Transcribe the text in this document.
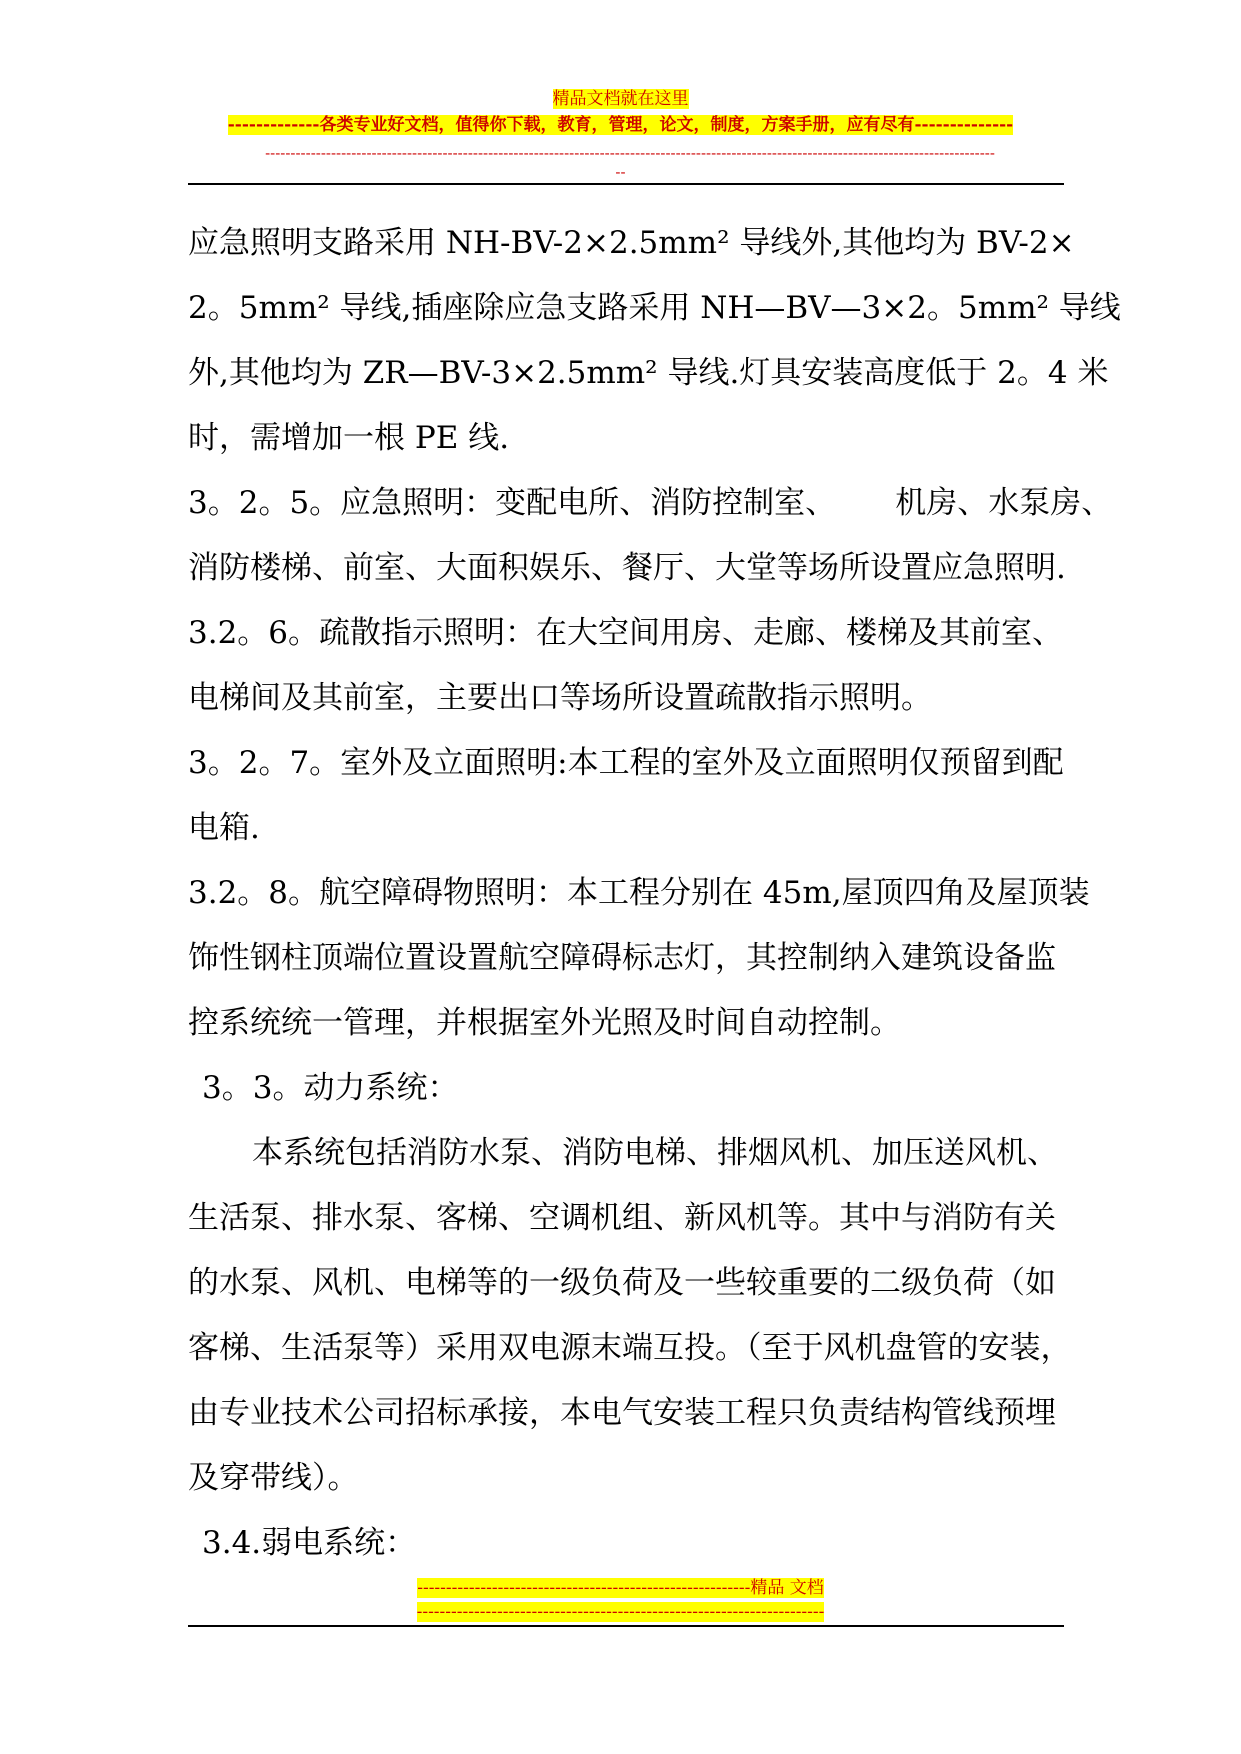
精品文档就在这里
-------------各类专业好文档，值得你下载，教育，管理，论文，制度，方案手册，应有尽有--------------
------------------------------------------------------------------------------------------------------------------------------------------------
--
应急照明支路采用 NH-BV-2×2.5mm² 导线外,其他均为 BV-2×
2。5mm² 导线,插座除应急支路采用 NH—BV—3×2。5mm² 导线
外,其他均为 ZR—BV-3×2.5mm² 导线.灯具安装高度低于 2。4 米
时，需增加一根 PE 线.
3。2。5。应急照明：变配电所、消防控制室、      机房、水泵房、
消防楼梯、前室、大面积娱乐、餐厅、大堂等场所设置应急照明.
3.2。6。疏散指示照明：在大空间用房、走廊、楼梯及其前室、
电梯间及其前室，主要出口等场所设置疏散指示照明。
3。2。7。室外及立面照明:本工程的室外及立面照明仅预留到配
电箱.
3.2。8。航空障碍物照明：本工程分别在 45m,屋顶四角及屋顶装
饰性钢柱顶端位置设置航空障碍标志灯，其控制纳入建筑设备监
控系统统一管理，并根据室外光照及时间自动控制。
3。3。动力系统：
本系统包括消防水泵、消防电梯、排烟风机、加压送风机、
生活泵、排水泵、客梯、空调机组、新风机等。其中与消防有关
的水泵、风机、电梯等的一级负荷及一些较重要的二级负荷（如
客梯、生活泵等）采用双电源末端互投。（至于风机盘管的安装，
由专业技术公司招标承接，本电气安装工程只负责结构管线预埋
及穿带线）。
3.4.弱电系统：
----------------------------------------------------------精品 文档
-----------------------------------------------------------------------
